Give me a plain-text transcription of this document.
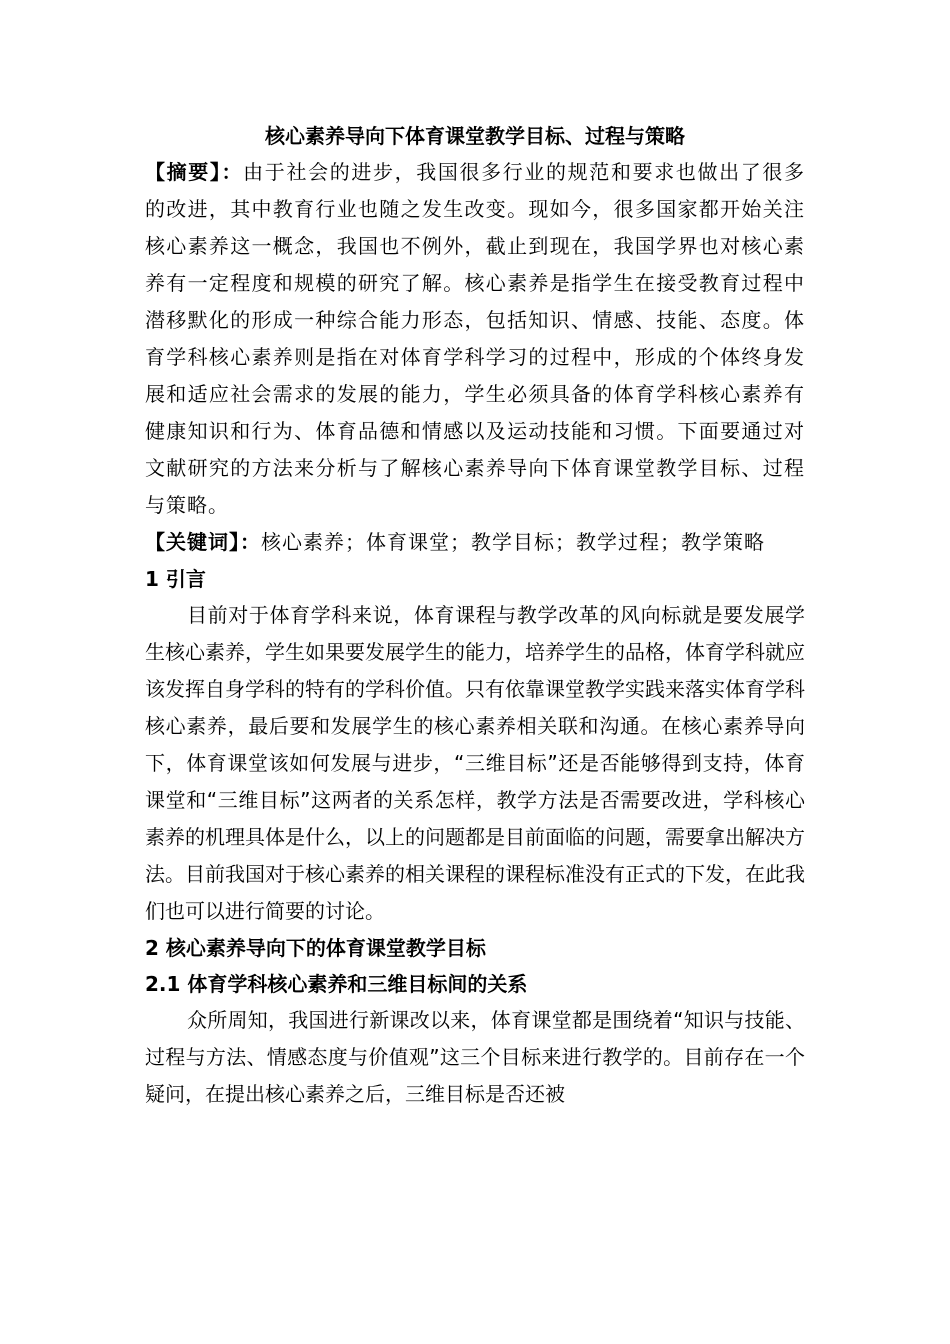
核心素养导向下体育课堂教学目标、过程与策略

【摘要】：由于社会的进步，我国很多行业的规范和要求也做出了很多的改进，其中教育行业也随之发生改变。现如今，很多国家都开始关注核心素养这一概念，我国也不例外，截止到现在，我国学界也对核心素养有一定程度和规模的研究了解。核心素养是指学生在接受教育过程中潜移默化的形成一种综合能力形态，包括知识、情感、技能、态度。体育学科核心素养则是指在对体育学科学习的过程中，形成的个体终身发展和适应社会需求的发展的能力，学生必须具备的体育学科核心素养有健康知识和行为、体育品德和情感以及运动技能和习惯。下面要通过对文献研究的方法来分析与了解核心素养导向下体育课堂教学目标、过程与策略。

【关键词】：核心素养；体育课堂；教学目标；教学过程；教学策略

1 引言

目前对于体育学科来说，体育课程与教学改革的风向标就是要发展学生核心素养，学生如果要发展学生的能力，培养学生的品格，体育学科就应该发挥自身学科的特有的学科价值。只有依靠课堂教学实践来落实体育学科核心素养，最后要和发展学生的核心素养相关联和沟通。在核心素养导向下，体育课堂该如何发展与进步，“三维目标”还是否能够得到支持，体育课堂和“三维目标”这两者的关系怎样，教学方法是否需要改进，学科核心素养的机理具体是什么，以上的问题都是目前面临的问题，需要拿出解决方法。目前我国对于核心素养的相关课程的课程标准没有正式的下发，在此我们也可以进行简要的讨论。

2 核心素养导向下的体育课堂教学目标
2.1 体育学科核心素养和三维目标间的关系

众所周知，我国进行新课改以来，体育课堂都是围绕着“知识与技能、过程与方法、情感态度与价值观”这三个目标来进行教学的。目前存在一个疑问，在提出核心素养之后，三维目标是否还被
